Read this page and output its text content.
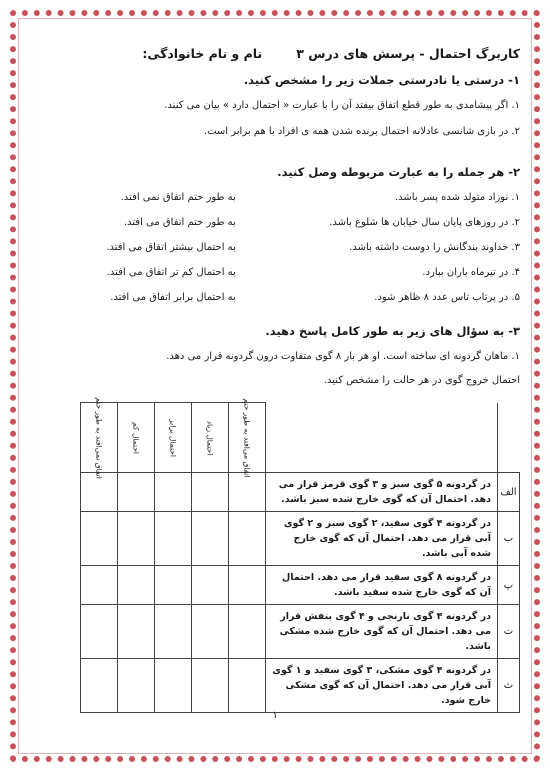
کاربرگ احتمال - پرسش های درس ۳
نام و نام خانوادگی:
۱- درستی یا نادرستی جملات زیر را مشخص کنید.
۱. اگر پیشامدی به طور قطع اتفاق بیفتد آن را با عبارت « احتمال دارد » بیان می کنند.
۲. در بازی شانسی عادلانه احتمال برنده شدن همه ی افراد با هم برابر است.
۲- هر جمله را به عبارت مربوطه وصل کنید.
۱. نوزاد متولد شده پسر باشد.	به طور حتم اتفاق نمی افتد.
۲. در روزهای پایان سال خیابان ها شلوغ باشد.	به طور حتم اتفاق می افتد.
۳. خداوند بندگانش را دوست داشته باشد.	به احتمال بیشتر اتفاق می افتد.
۴. در تیرماه باران ببارد.	به احتمال کم تر اتفاق می افتد.
۵. در پرتاب تاس عدد ۸ ظاهر شود.	به احتمال برابر اتفاق می افتد.
۳- به سؤال های زیر به طور کامل پاسخ دهید.
۱. ماهان گردونه ای ساخته است. او هر بار ۸ گوی متفاوت درون گردونه قرار می دهد.
احتمال خروج گوی در هر حالت را مشخص کنید.

		اتفاق می‌افتد به طور حتم	احتمال زیاد	احتمال برابر	احتمال کم	اتفاق نمی‌افتد به طور حتم

الف	در گردونه ۵ گوی سبز و ۳ گوی قرمز قرار می دهد. احتمال آن که گوی خارج شده سبز باشد.					
ب	در گردونه ۴ گوی سفید، ۲ گوی سبز و ۲ گوی آبی قرار می دهد. احتمال آن که گوی خارج شده آبی باشد.					
پ	در گردونه ۸ گوی سفید قرار می دهد. احتمال آن که گوی خارج شده سفید باشد.					
ت	در گردونه ۴ گوی نارنجی و ۴ گوی بنفش قرار می دهد. احتمال آن که گوی خارج شده مشکی باشد.					
ث	در گردونه ۴ گوی مشکی، ۳ گوی سفید و ۱ گوی آبی قرار می دهد. احتمال آن که گوی مشکی خارج شود.					
۱
